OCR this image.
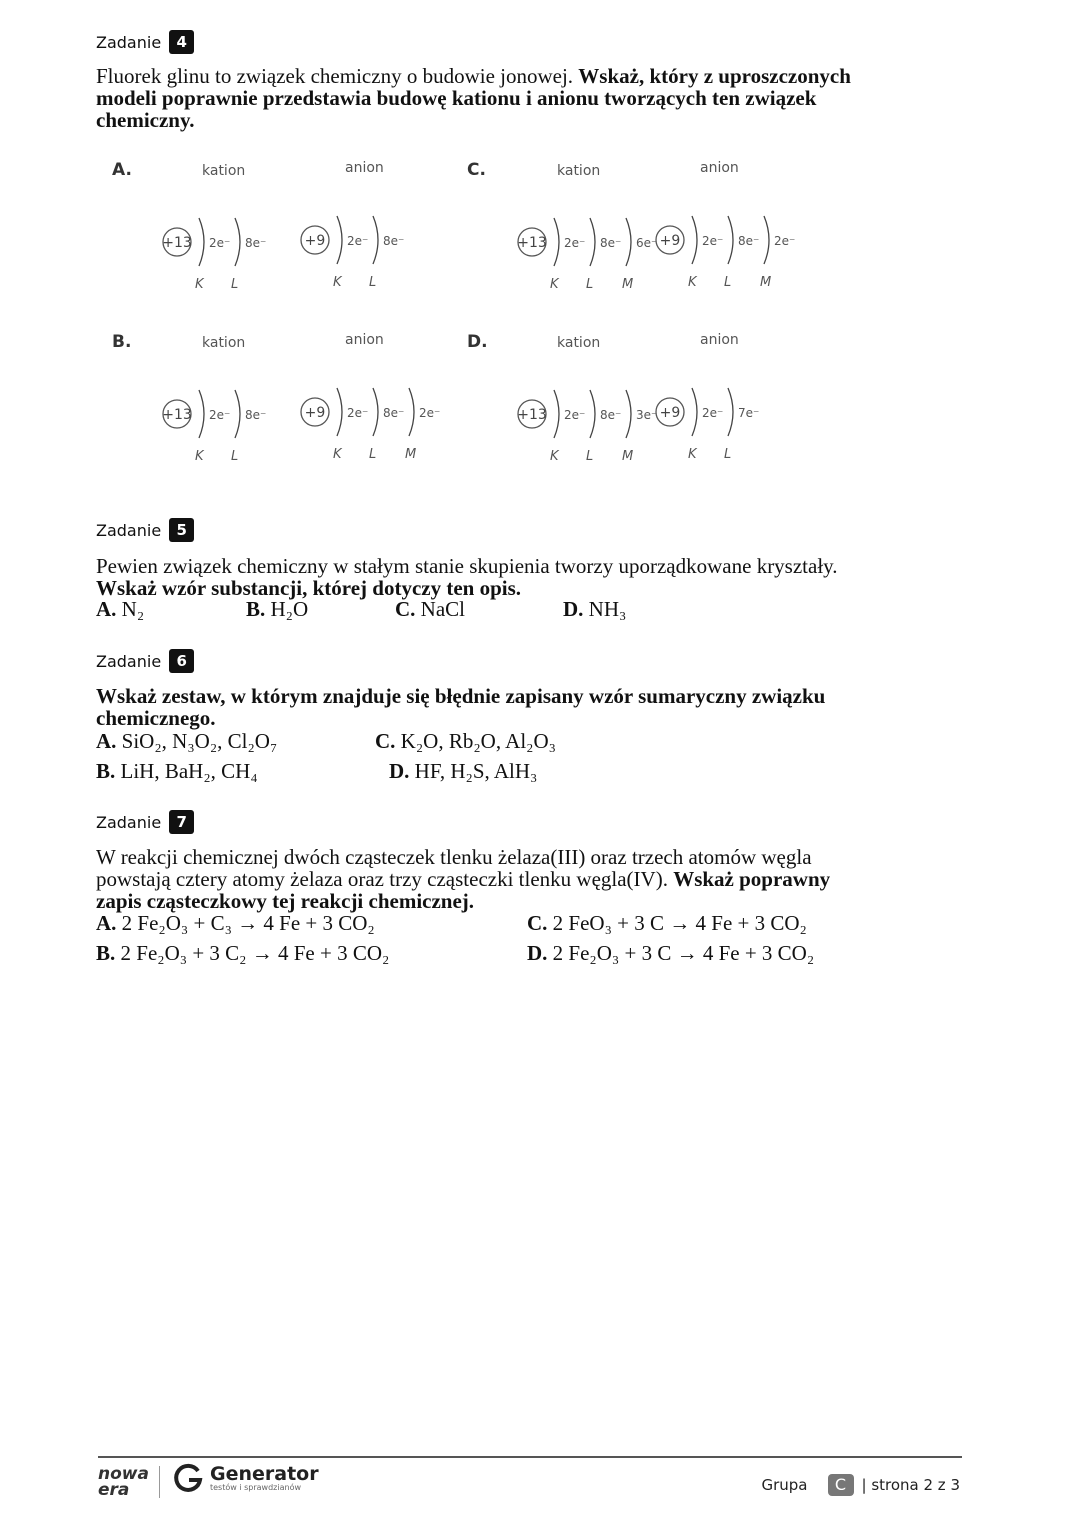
Zadanie	4
Fluorek glinu to związek chemiczny o budowie jonowej. Wskaż, który z uproszczonych modeli poprawnie przedstawia budowę kationu i anionu tworzących ten związek chemiczny.
A.	kation	anion
+13 2e⁻
K
8e⁻
L
+9 2e⁻
K
8e⁻
L
C.	kation	anion
+13 2e⁻
K
8e⁻
L
6e⁻
M
+9 2e⁻
K
8e⁻
L
2e⁻
M
B.	kation	anion
+13 2e⁻
K
8e⁻
L
+9 2e⁻
K
8e⁻
L
2e⁻
M
D.	kation	anion
+13 2e⁻
K
8e⁻
L
3e⁻
M
+9 2e⁻
K
7e⁻
L
Zadanie	5
Pewien związek chemiczny w stałym stanie skupienia tworzy uporządkowane kryształy.
Wskaż wzór substancji, której dotyczy ten opis.
A. N₂	B. H₂O	C. NaCl	D. NH₃
Zadanie	6
Wskaż zestaw, w którym znajduje się błędnie zapisany wzór sumaryczny związku chemicznego.
A. SiO₂, N₃O₂, Cl₂O₇	C. K₂O, Rb₂O, Al₂O₃
B. LiH, BaH₂, CH₄	D. HF, H₂S, AlH₃
Zadanie	7
W reakcji chemicznej dwóch cząsteczek tlenku żelaza(III) oraz trzech atomów węgla powstają cztery atomy żelaza oraz trzy cząsteczki tlenku węgla(IV). Wskaż poprawny zapis cząsteczkowy tej reakcji chemicznej.
A. 2 Fe₂O₃ + C₃ → 4 Fe + 3 CO₂	C. 2 FeO₃ + 3 C → 4 Fe + 3 CO₂
B. 2 Fe₂O₃ + 3 C₂ → 4 Fe + 3 CO₂	D. 2 Fe₂O₃ + 3 C → 4 Fe + 3 CO₂
nowa
era
Generator
testów i sprawdzianów	Grupa	C	| strona 2 z 3
